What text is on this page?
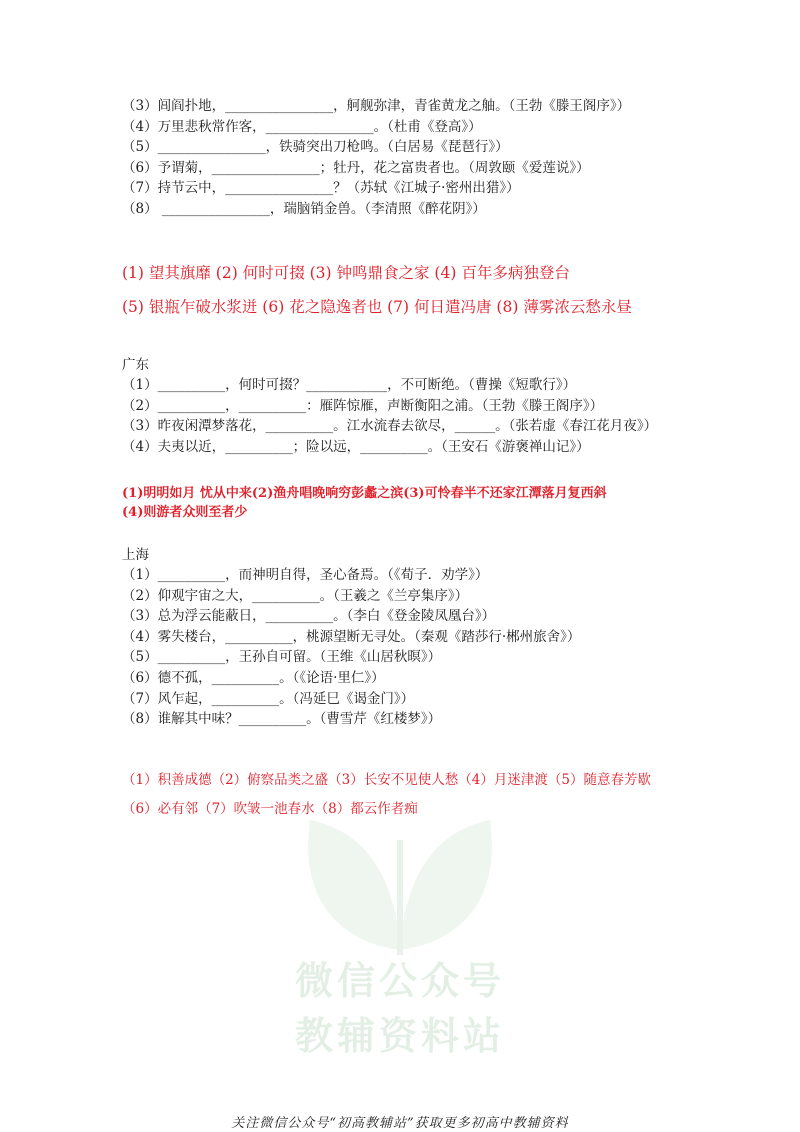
微信公众号
教辅资料站
（3）闾阎扑地，________________，舸舰弥津，青雀黄龙之舳。（王勃《滕王阁序》）
（4）万里悲秋常作客，________________。（杜甫《登高》）
（5）________________，铁骑突出刀枪鸣。（白居易《琵琶行》）
（6）予谓菊，________________；牡丹，花之富贵者也。（周敦颐《爱莲说》）
（7）持节云中，________________？（苏轼《江城子·密州出猎》）
（8） ________________，瑞脑销金兽。（李清照《醉花阴》）
(1) 望其旗靡 (2) 何时可掇 (3) 钟鸣鼎食之家 (4) 百年多病独登台
(5) 银瓶乍破水浆迸 (6) 花之隐逸者也 (7) 何日遣冯唐 (8) 薄雾浓云愁永昼
广东
（1）__________，何时可掇？____________，不可断绝。（曹操《短歌行》）
（2）__________，__________：雁阵惊雁，声断衡阳之浦。（王勃《滕王阁序》）
（3）昨夜闲潭梦落花，__________。江水流春去欲尽，______。（张若虚《春江花月夜》）
（4）夫夷以近，__________；险以远，__________。（王安石《游褒禅山记》）
(1)明明如月 忧从中来(2)渔舟唱晚响穷彭蠡之滨(3)可怜春半不还家江潭落月复西斜
(4)则游者众则至者少
上海
（1）__________，而神明自得，圣心备焉。（《荀子．劝学》）
（2）仰观宇宙之大，__________。（王羲之《兰亭集序》）
（3）总为浮云能蔽日，__________。（李白《登金陵凤凰台》）
（4）雾失楼台，__________，桃源望断无寻处。（秦观《踏莎行·郴州旅舍》）
（5）__________，王孙自可留。（王维《山居秋暝》）
（6）德不孤，__________。（《论语·里仁》）
（7）风乍起，__________。（冯延巳《谒金门》）
（8）谁解其中味？__________。（曹雪芹《红楼梦》）
（1）积善成德（2）俯察品类之盛（3）长安不见使人愁（4）月迷津渡（5）随意春芳歇
（6）必有邻（7）吹皱一池春水（8）都云作者痴
关注微信公众号“初高教辅站”获取更多初高中教辅资料
